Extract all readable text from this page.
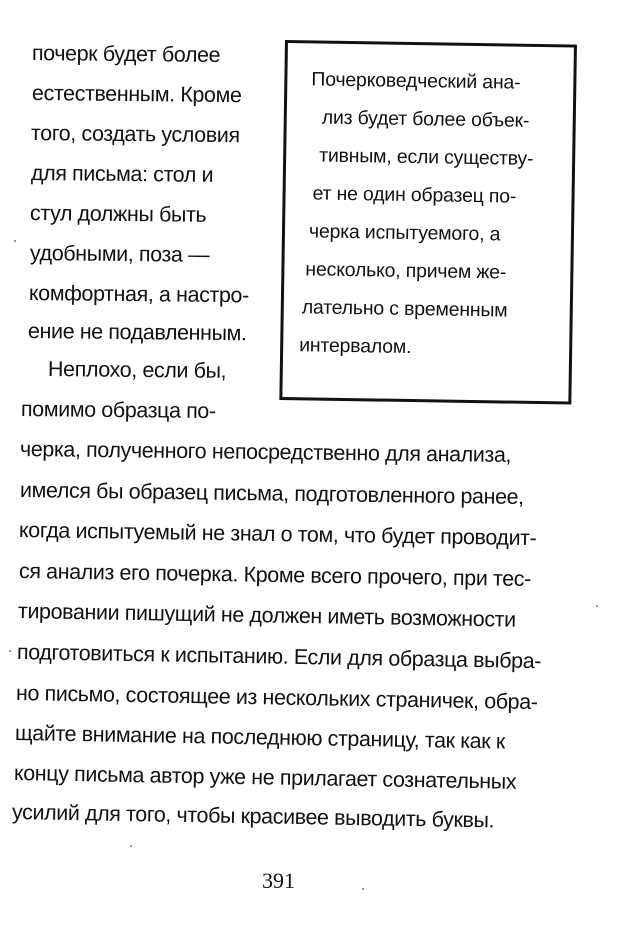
почерк будет более
естественным. Кроме
того, создать условия
для письма: стол и
стул должны быть
удобными, поза —
комфортная, а настро-
ение не подавленным.
Неплохо, если бы,
помимо образца по-
черка, полученного непосредственно для анализа,
имелся бы образец письма, подготовленного ранее,
когда испытуемый не знал о том, что будет проводит-
ся анализ его почерка. Кроме всего прочего, при тес-
тировании пишущий не должен иметь возможности
подготовиться к испытанию. Если для образца выбра-
но письмо, состоящее из нескольких страничек, обра-
щайте внимание на последнюю страницу, так как к
концу письма автор уже не прилагает сознательных
усилий для того, чтобы красивее выводить буквы.
Почерковедческий ана-
лиз будет более объек-
тивным, если существу-
ет не один образец по-
черка испытуемого, а
несколько, причем же-
лательно с временным
интервалом.
391
